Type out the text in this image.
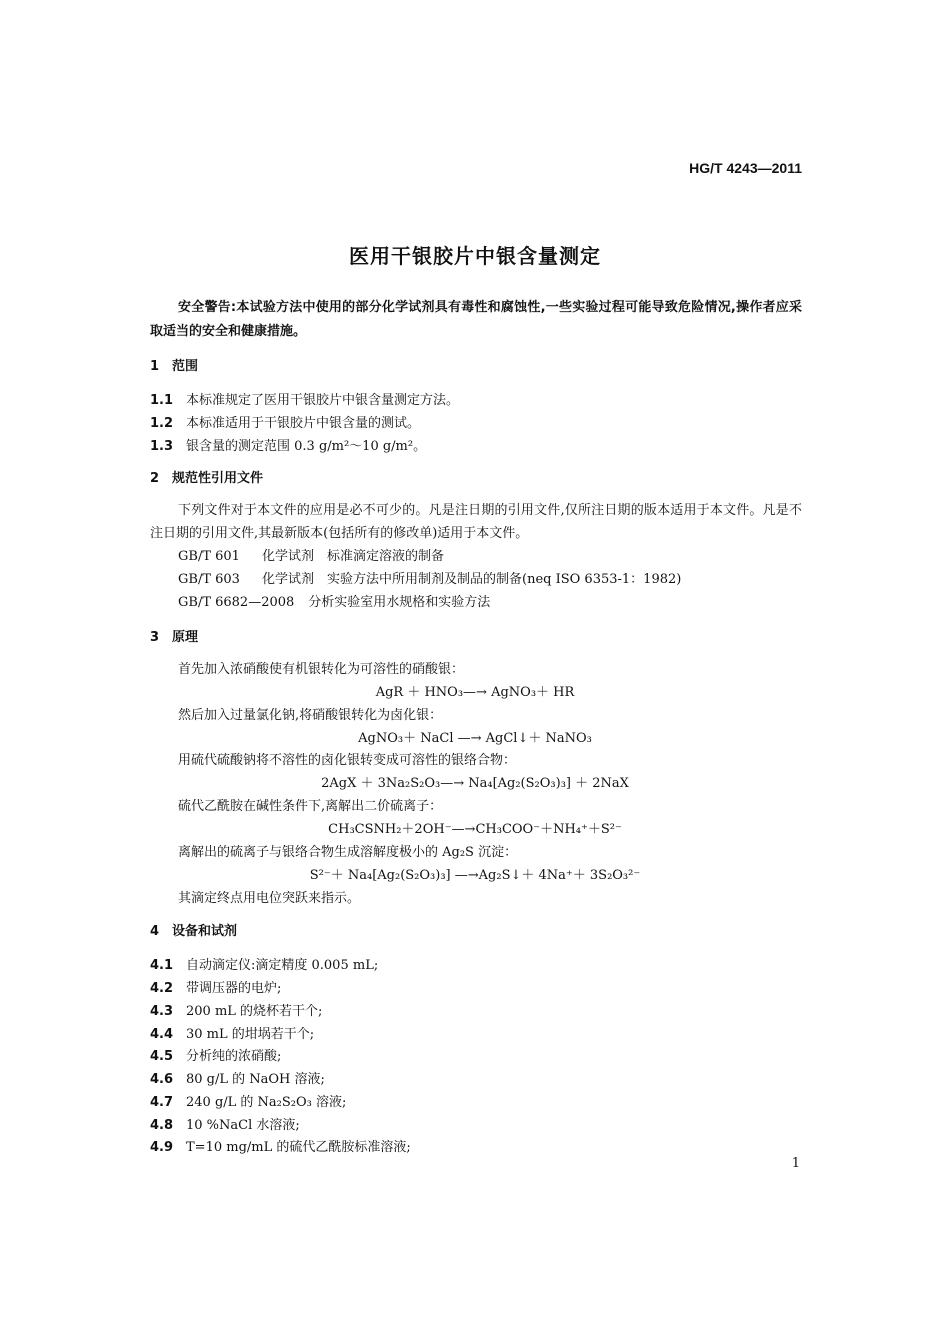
HG/T 4243—2011
医用干银胶片中银含量测定
安全警告:本试验方法中使用的部分化学试剂具有毒性和腐蚀性,一些实验过程可能导致危险情况,操作者应采取适当的安全和健康措施。
1 范围
1.1 本标准规定了医用干银胶片中银含量测定方法。
1.2 本标准适用于干银胶片中银含量的测试。
1.3 银含量的测定范围 0.3 g/m²～10 g/m²。
2 规范性引用文件
下列文件对于本文件的应用是必不可少的。凡是注日期的引用文件,仅所注日期的版本适用于本文件。凡是不注日期的引用文件,其最新版本(包括所有的修改单)适用于本文件。
GB/T 601 化学试剂　标准滴定溶液的制备
GB/T 603 化学试剂　实验方法中所用制剂及制品的制备(neq ISO 6353-1：1982)
GB/T 6682—2008 分析实验室用水规格和实验方法
3 原理
首先加入浓硝酸使有机银转化为可溶性的硝酸银：
AgR ＋ HNO₃—→ AgNO₃＋ HR
然后加入过量氯化钠,将硝酸银转化为卤化银：
AgNO₃＋ NaCl —→ AgCl↓＋ NaNO₃
用硫代硫酸钠将不溶性的卤化银转变成可溶性的银络合物：
2AgX ＋ 3Na₂S₂O₃—→ Na₄[Ag₂(S₂O₃)₃] ＋ 2NaX
硫代乙酰胺在碱性条件下,离解出二价硫离子：
CH₃CSNH₂＋2OH⁻—→CH₃COO⁻＋NH₄⁺＋S²⁻
离解出的硫离子与银络合物生成溶解度极小的 Ag₂S 沉淀：
S²⁻＋ Na₄[Ag₂(S₂O₃)₃] —→Ag₂S↓＋ 4Na⁺＋ 3S₂O₃²⁻
其滴定终点用电位突跃来指示。
4 设备和试剂
4.1 自动滴定仪:滴定精度 0.005 mL;
4.2 带调压器的电炉;
4.3 200 mL 的烧杯若干个;
4.4 30 mL 的坩埚若干个;
4.5 分析纯的浓硝酸;
4.6 80 g/L 的 NaOH 溶液;
4.7 240 g/L 的 Na₂S₂O₃ 溶液;
4.8 10 %NaCl 水溶液;
4.9 T=10 mg/mL 的硫代乙酰胺标准溶液;
1
